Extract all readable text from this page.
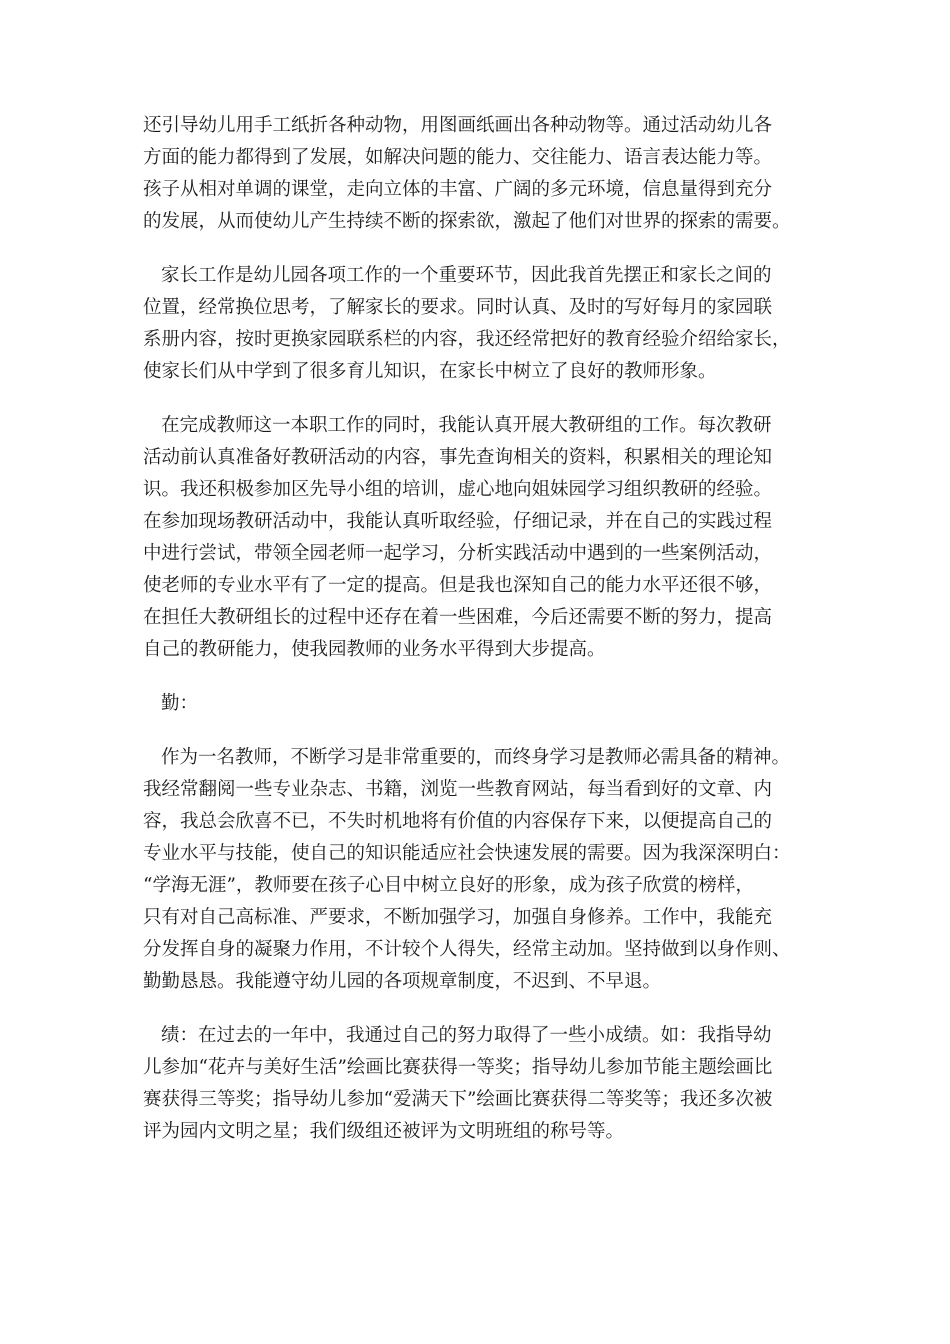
还引导幼儿用手工纸折各种动物，用图画纸画出各种动物等。通过活动幼儿各
方面的能力都得到了发展，如解决问题的能力、交往能力、语言表达能力等。
孩子从相对单调的课堂，走向立体的丰富、广阔的多元环境，信息量得到充分
的发展，从而使幼儿产生持续不断的探索欲，激起了他们对世界的探索的需要。
家长工作是幼儿园各项工作的一个重要环节，因此我首先摆正和家长之间的
位置，经常换位思考，了解家长的要求。同时认真、及时的写好每月的家园联
系册内容，按时更换家园联系栏的内容，我还经常把好的教育经验介绍给家长，
使家长们从中学到了很多育儿知识，在家长中树立了良好的教师形象。
在完成教师这一本职工作的同时，我能认真开展大教研组的工作。每次教研
活动前认真准备好教研活动的内容，事先查询相关的资料，积累相关的理论知
识。我还积极参加区先导小组的培训，虚心地向姐妹园学习组织教研的经验。
在参加现场教研活动中，我能认真听取经验，仔细记录，并在自己的实践过程
中进行尝试，带领全园老师一起学习，分析实践活动中遇到的一些案例活动，
使老师的专业水平有了一定的提高。但是我也深知自己的能力水平还很不够，
在担任大教研组长的过程中还存在着一些困难，今后还需要不断的努力，提高
自己的教研能力，使我园教师的业务水平得到大步提高。
勤：
作为一名教师，不断学习是非常重要的，而终身学习是教师必需具备的精神。
我经常翻阅一些专业杂志、书籍，浏览一些教育网站，每当看到好的文章、内
容，我总会欣喜不已，不失时机地将有价值的内容保存下来，以便提高自己的
专业水平与技能，使自己的知识能适应社会快速发展的需要。因为我深深明白：
“学海无涯”，教师要在孩子心目中树立良好的形象，成为孩子欣赏的榜样，
只有对自己高标准、严要求，不断加强学习，加强自身修养。工作中，我能充
分发挥自身的凝聚力作用，不计较个人得失，经常主动加。坚持做到以身作则、
勤勤恳恳。我能遵守幼儿园的各项规章制度，不迟到、不早退。
绩：在过去的一年中，我通过自己的努力取得了一些小成绩。如：我指导幼
儿参加“花卉与美好生活”绘画比赛获得一等奖；指导幼儿参加节能主题绘画比
赛获得三等奖；指导幼儿参加“爱满天下”绘画比赛获得二等奖等；我还多次被
评为园内文明之星；我们级组还被评为文明班组的称号等。
